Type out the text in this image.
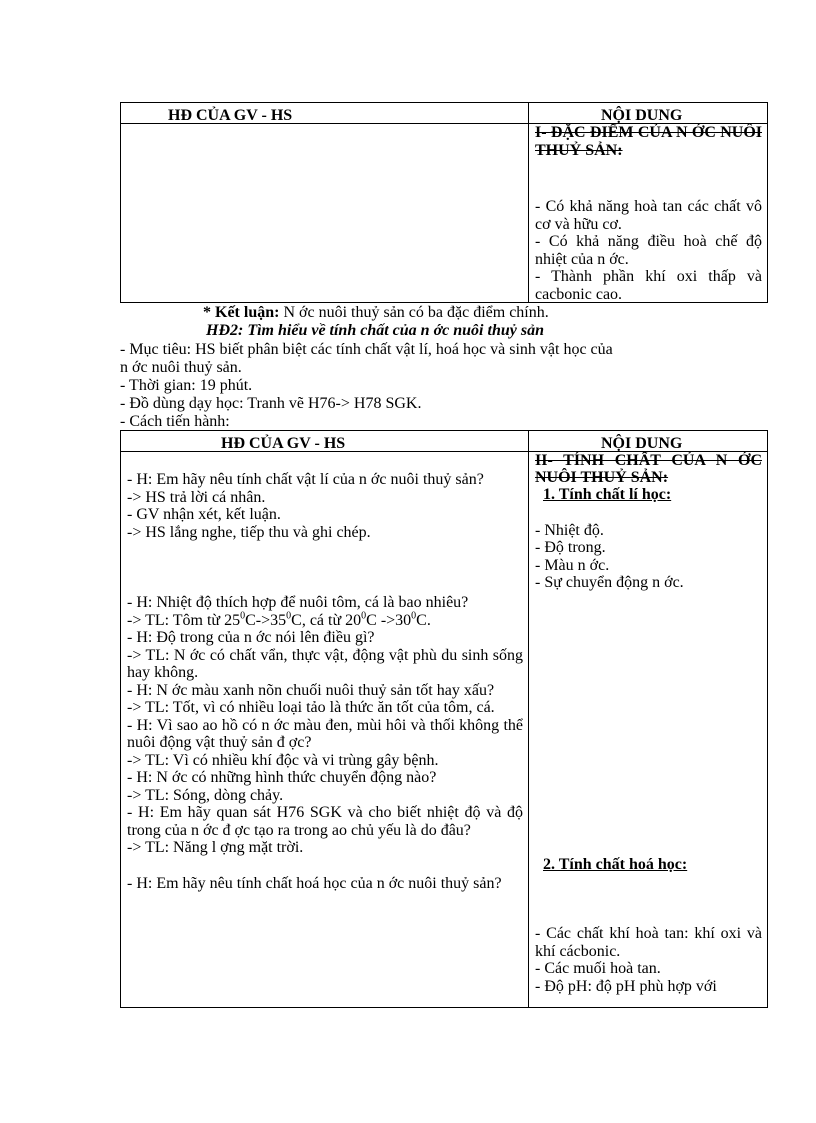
HĐ CỦA GV - HS	NỘI DUNG

I- ĐẶC ĐIỂM CỦA N ỚC NUÔI THUỶ SẢN:

- Có khả năng hoà tan các chất vô cơ và hữu cơ.

- Có khả năng điều hoà chế độ nhiệt của n ớc.

- Thành phần khí oxi thấp và cacbonic cao.

* Kết luận: N ớc nuôi thuỷ sản có ba đặc điểm chính.
HĐ2: Tìm hiểu về tính chất của n ớc nuôi thuỷ sản
- Mục tiêu: HS biết phân biệt các tính chất vật lí, hoá học và sinh vật học của
n ớc nuôi thuỷ sản.
- Thời gian: 19 phút.
- Đồ dùng dạy học: Tranh vẽ H76-> H78 SGK.
- Cách tiến hành:
HĐ CỦA GV - HS	NỘI DUNG

- H: Em hãy nêu tính chất vật lí của n ớc nuôi thuỷ sản?

-> HS trả lời cá nhân.

- GV nhận xét, kết luận.

-> HS lắng nghe, tiếp thu và ghi chép.

- H: Nhiệt độ thích hợp để nuôi tôm, cá là bao nhiêu?

-> TL: Tôm từ $25^0C->35^0C$, cá từ $20^0C$ $->30^0C$.

- H: Độ trong của n ớc nói lên điều gì?

-> TL: N ớc có chất vẩn, thực vật, động vật phù du sinh sống hay không.

- H: N ớc màu xanh nõn chuối nuôi thuỷ sản tốt hay xấu?

-> TL: Tốt, vì có nhiều loại tảo là thức ăn tốt của tôm, cá.

- H: Vì sao ao hồ có n ớc màu đen, mùi hôi và thối không thể nuôi động vật thuỷ sản đ ợc?

-> TL: Vì có nhiều khí độc và vi trùng gây bệnh.

- H: N ớc có những hình thức chuyển động nào?

-> TL: Sóng, dòng chảy.

- H: Em hãy quan sát H76 SGK và cho biết nhiệt độ và độ trong của n ớc đ ợc tạo ra trong ao chủ yếu là do đâu?

-> TL: Năng l ợng mặt trời.

- H: Em hãy nêu tính chất hoá học của n ớc nuôi thuỷ sản?

II- TÍNH CHẤT CỦA N ỚC NUÔI THUỶ SẢN:

1. Tính chất lí học:

- Nhiệt độ.

- Độ trong.

- Màu n ớc.

- Sự chuyển động n ớc.

2. Tính chất hoá học:

- Các chất khí hoà tan: khí oxi và khí cácbonic.

- Các muối hoà tan.

- Độ pH: độ pH phù hợp với
